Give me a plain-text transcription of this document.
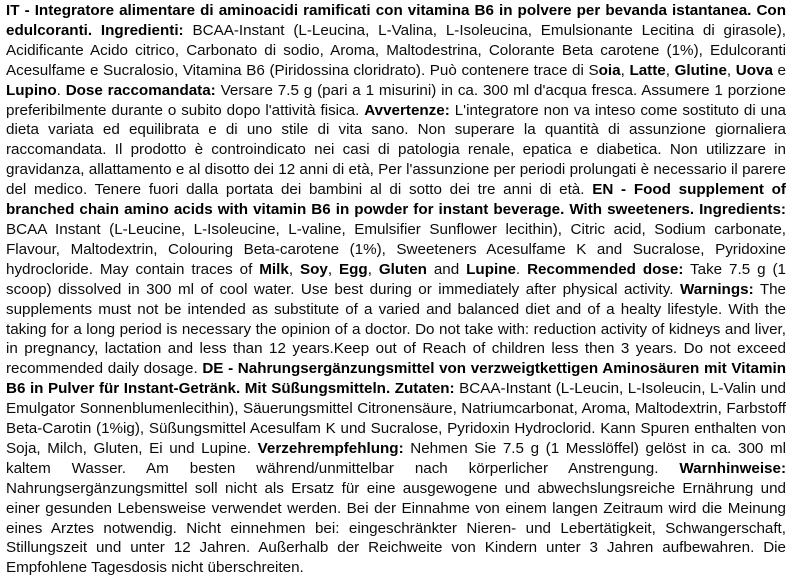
IT - Integratore alimentare di aminoacidi ramificati con vitamina B6 in polvere per bevanda istantanea. Con edulcoranti. Ingredienti: BCAA-Instant (L-Leucina, L-Valina, L-Isoleucina, Emulsionante Lecitina di girasole), Acidificante Acido citrico, Carbonato di sodio, Aroma, Maltodestrina, Colorante Beta carotene (1%), Edulcoranti Acesulfame e Sucralosio, Vitamina B6 (Piridossina cloridrato). Può contenere trace di Soia, Latte, Glutine, Uova e Lupino. Dose raccomandata: Versare 7.5 g (pari a 1 misurini) in ca. 300 ml d'acqua fresca. Assumere 1 porzione preferibilmente durante o subito dopo l'attività fisica. Avvertenze: L'integratore non va inteso come sostituto di una dieta variata ed equilibrata e di uno stile di vita sano. Non superare la quantità di assunzione giornaliera raccomandata. Il prodotto è controindicato nei casi di patologia renale, epatica e diabetica. Non utilizzare in gravidanza, allattamento e al disotto dei 12 anni di età, Per l'assunzione per periodi prolungati è necessario il parere del medico. Tenere fuori dalla portata dei bambini al di sotto dei tre anni di età. EN - Food supplement of branched chain amino acids with vitamin B6 in powder for instant beverage. With sweeteners. Ingredients: BCAA Instant (L-Leucine, L-Isoleucine, L-valine, Emulsifier Sunflower lecithin), Citric acid, Sodium carbonate, Flavour, Maltodextrin, Colouring Beta-carotene (1%), Sweeteners Acesulfame K and Sucralose, Pyridoxine hydrocloride. May contain traces of Milk, Soy, Egg, Gluten and Lupine. Recommended dose: Take 7.5 g (1 scoop) dissolved in 300 ml of cool water. Use best during or immediately after physical activity. Warnings: The supplements must not be intended as substitute of a varied and balanced diet and of a healty lifestyle. With the taking for a long period is necessary the opinion of a doctor. Do not take with: reduction activity of kidneys and liver, in pregnancy, lactation and less than 12 years.Keep out of Reach of children less then 3 years. Do not exceed recommended daily dosage. DE - Nahrungsergänzungsmittel von verzweigtkettigen Aminosäuren mit Vitamin B6 in Pulver für Instant-Getränk. Mit Süßungsmitteln. Zutaten: BCAA-Instant (L-Leucin, L-Isoleucin, L-Valin und Emulgator Sonnenblumenlecithin), Säuerungsmittel Citronensäure, Natriumcarbonat, Aroma, Maltodextrin, Farbstoff Beta-Carotin (1%ig), Süßungsmittel Acesulfam K und Sucralose, Pyridoxin Hydroclorid. Kann Spuren enthalten von Soja, Milch, Gluten, Ei und Lupine. Verzehrempfehlung: Nehmen Sie 7.5 g (1 Messlöffel) gelöst in ca. 300 ml kaltem Wasser. Am besten während/unmittelbar nach körperlicher Anstrengung. Warnhinweise: Nahrungsergänzungsmittel soll nicht als Ersatz für eine ausgewogene und abwechslungsreiche Ernährung und einer gesunden Lebensweise verwendet werden. Bei der Einnahme von einem langen Zeitraum wird die Meinung eines Arztes notwendig. Nicht einnehmen bei: eingeschränkter Nieren- und Lebertätigkeit, Schwangerschaft, Stillungszeit und unter 12 Jahren. Außerhalb der Reichweite von Kindern unter 3 Jahren aufbewahren. Die Empfohlene Tagesdosis nicht überschreiten.
